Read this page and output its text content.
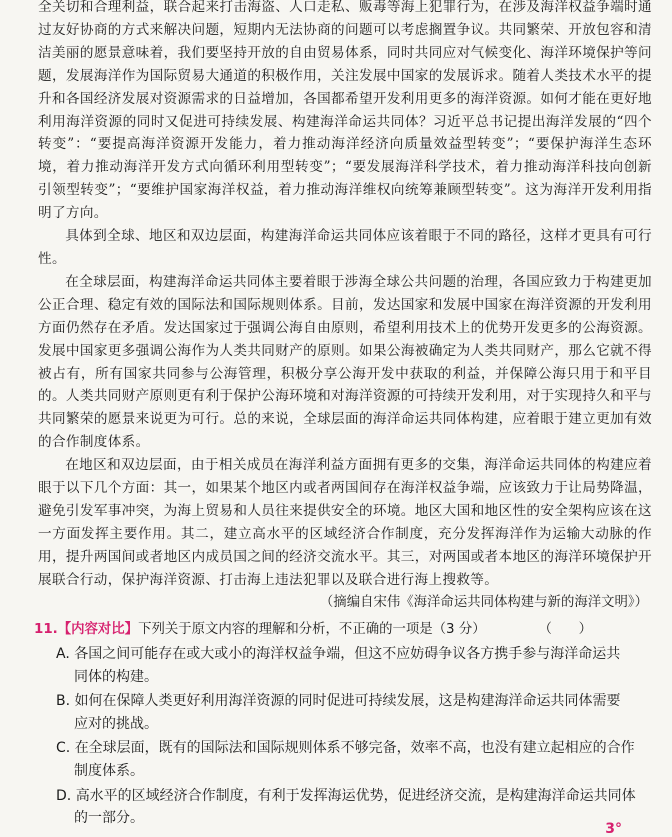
全关切和合理利益，联合起来打击海盗、人口走私、贩毒等海上犯罪行为，在涉及海洋权益争端时通过友好协商的方式来解决问题，短期内无法协商的问题可以考虑搁置争议。共同繁荣、开放包容和清洁美丽的愿景意味着，我们要坚持开放的自由贸易体系，同时共同应对气候变化、海洋环境保护等问题，发展海洋作为国际贸易大通道的积极作用，关注发展中国家的发展诉求。随着人类技术水平的提升和各国经济发展对资源需求的日益增加，各国都希望开发利用更多的海洋资源。如何才能在更好地利用海洋资源的同时又促进可持续发展、构建海洋命运共同体？习近平总书记提出海洋发展的“四个转变”：“要提高海洋资源开发能力，着力推动海洋经济向质量效益型转变”；“要保护海洋生态环境，着力推动海洋开发方式向循环利用型转变”；“要发展海洋科学技术，着力推动海洋科技向创新引领型转变”；“要维护国家海洋权益，着力推动海洋维权向统筹兼顾型转变”。这为海洋开发利用指明了方向。

具体到全球、地区和双边层面，构建海洋命运共同体应该着眼于不同的路径，这样才更具有可行性。

在全球层面，构建海洋命运共同体主要着眼于涉海全球公共问题的治理，各国应致力于构建更加公正合理、稳定有效的国际法和国际规则体系。目前，发达国家和发展中国家在海洋资源的开发利用方面仍然存在矛盾。发达国家过于强调公海自由原则，希望利用技术上的优势开发更多的公海资源。发展中国家更多强调公海作为人类共同财产的原则。如果公海被确定为人类共同财产，那么它就不得被占有，所有国家共同参与公海管理，积极分享公海开发中获取的利益，并保障公海只用于和平目的。人类共同财产原则更有利于保护公海环境和对海洋资源的可持续开发利用，对于实现持久和平与共同繁荣的愿景来说更为可行。总的来说，全球层面的海洋命运共同体构建，应着眼于建立更加有效的合作制度体系。

在地区和双边层面，由于相关成员在海洋利益方面拥有更多的交集，海洋命运共同体的构建应着眼于以下几个方面：其一，如果某个地区内或者两国间存在海洋权益争端，应该致力于让局势降温，避免引发军事冲突，为海上贸易和人员往来提供安全的环境。地区大国和地区性的安全架构应该在这一方面发挥主要作用。其二，建立高水平的区域经济合作制度，充分发挥海洋作为运输大动脉的作用，提升两国间或者地区内成员国之间的经济交流水平。其三，对两国或者本地区的海洋环境保护开展联合行动，保护海洋资源、打击海上违法犯罪以及联合进行海上搜救等。

（摘编自宋伟《海洋命运共同体构建与新的海洋文明》）

11.【内容对比】下列关于原文内容的理解和分析，不正确的一项是（3 分）	（　　）
A. 各国之间可能存在或大或小的海洋权益争端，但这不应妨碍争议各方携手参与海洋命运共
同体的构建。
B. 如何在保障人类更好利用海洋资源的同时促进可持续发展，这是构建海洋命运共同体需要
应对的挑战。
C. 在全球层面，既有的国际法和国际规则体系不够完备，效率不高，也没有建立起相应的合作
制度体系。
D. 高水平的区域经济合作制度，有利于发挥海运优势，促进经济交流，是构建海洋命运共同体
的一部分。
3°
